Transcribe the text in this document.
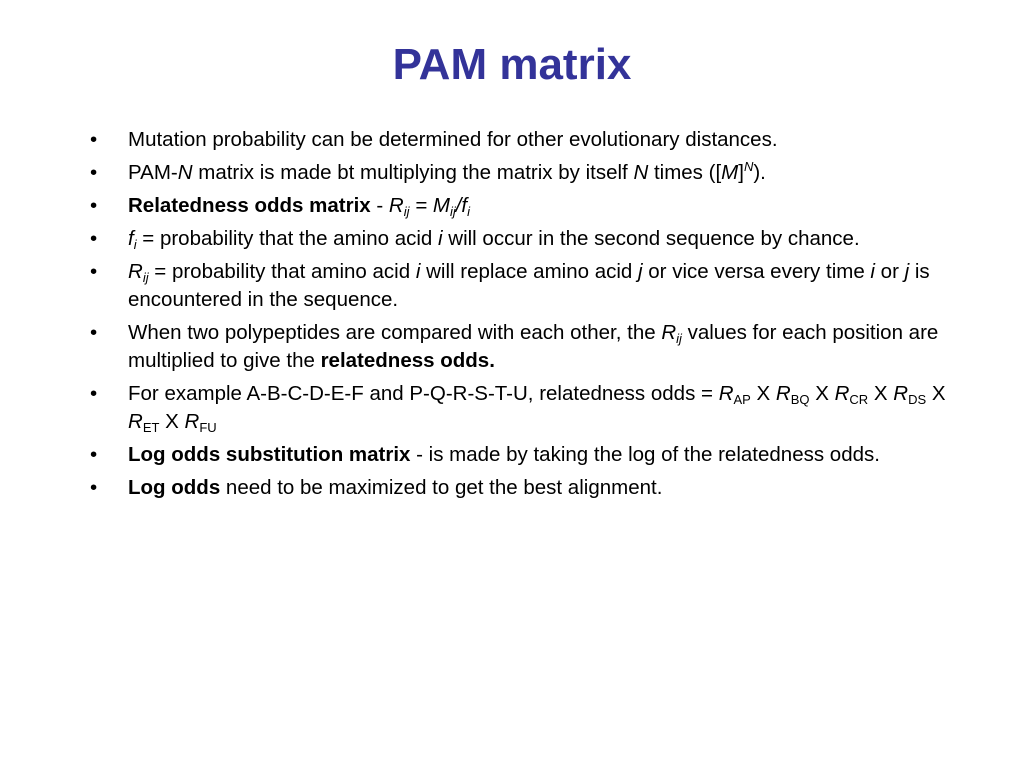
PAM matrix
•	Mutation probability can be determined for other evolutionary distances.
•	PAM-N matrix is made bt multiplying the matrix by itself N times $([M]^N)$.
•	Relatedness odds matrix - $R_{ij} = M_{ij}/f_i$
•	$f_i$ = probability that the amino acid i will occur in the second sequence by chance.
•	$R_{ij}$ = probability that amino acid i will replace amino acid j or vice versa every time i or j is encountered in the sequence.
•	When two polypeptides are compared with each other, the $R_{ij}$ values for each position are multiplied to give the relatedness odds.
•	For example A-B-C-D-E-F and P-Q-R-S-T-U, relatedness odds = $R_{AP}$ X $R_{BQ}$ X $R_{CR}$ X $R_{DS}$ X $R_{ET}$ X $R_{FU}$
•	Log odds substitution matrix - is made by taking the log of the relatedness odds.
•	Log odds need to be maximized to get the best alignment.
